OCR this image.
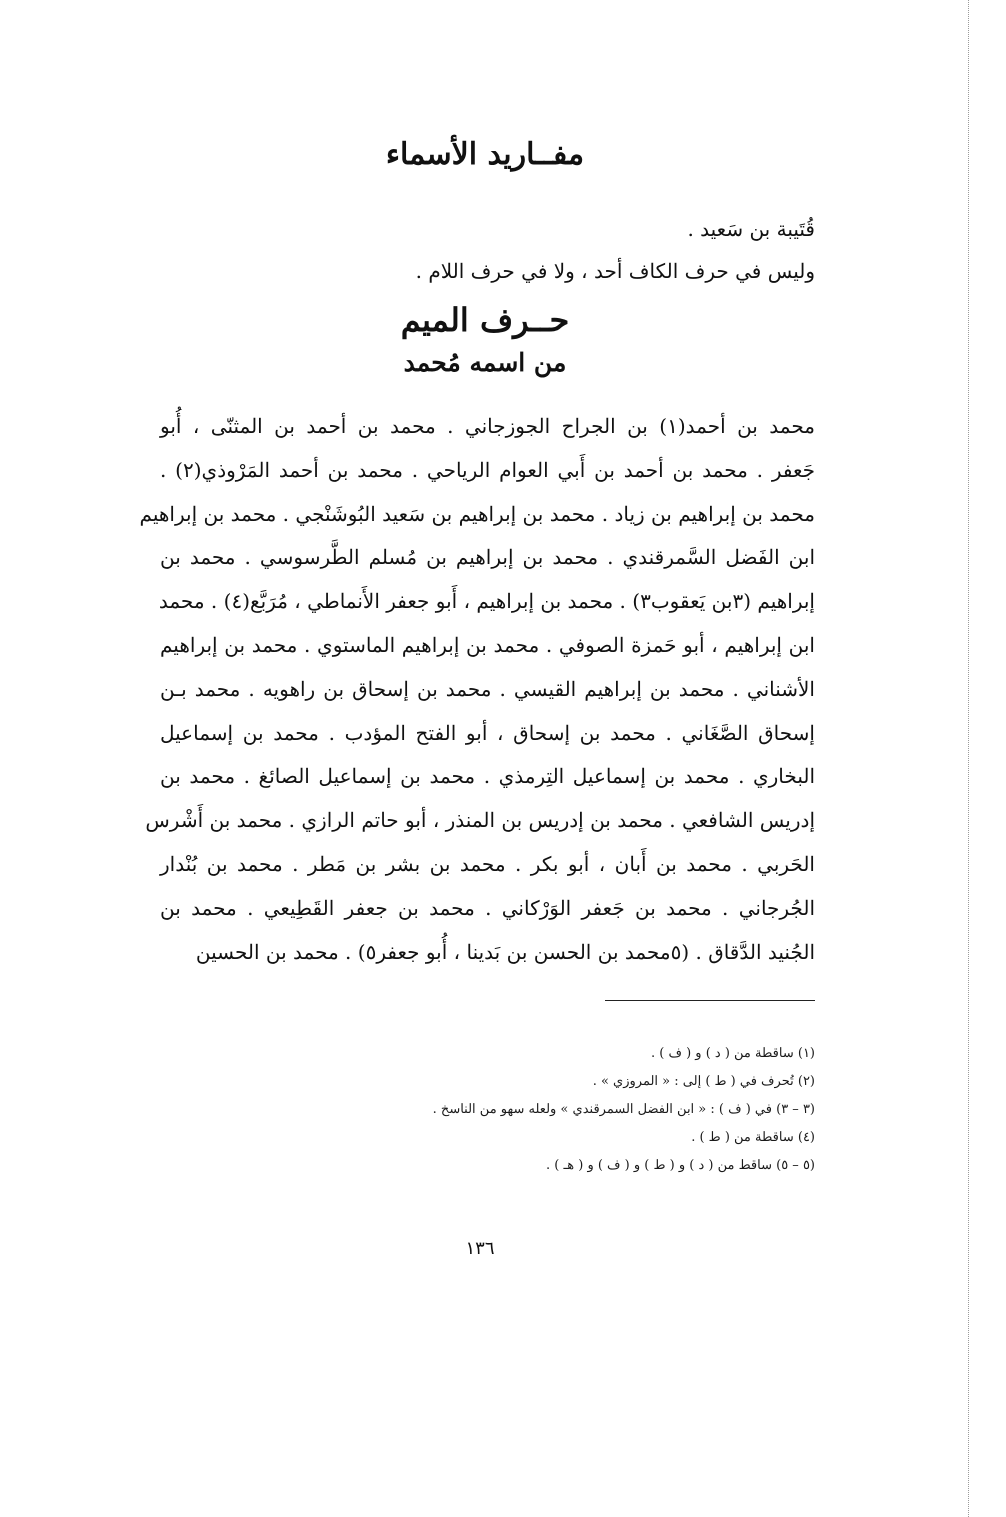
مفــاريد الأسماء

قُتَيبة بن سَعيد .

وليس في حرف الكاف أحد ، ولا في حرف اللام .

حــرف الميم
من اسمه مُحمد
محمد بن أحمد(١) بن الجراح الجوزجاني . محمد بن أحمد بن المثنّى ، أُبو
جَعفر . محمد بن أحمد بن أَبي العوام الرياحي . محمد بن أحمد المَرْوذي(٢) .
محمد بن إبراهيم بن زياد . محمد بن إبراهيم بن سَعيد البُوشَنْجي . محمد بن إبراهيم
ابن الفَضل السَّمرقندي . محمد بن إبراهيم بن مُسلم الطَّرسوسي . محمد بن
إبراهيم (٣بن يَعقوب٣) . محمد بن إبراهيم ، أَبو جعفر الأَنماطي ، مُرَبَّع(٤) . محمد
ابن إبراهيم ، أبو حَمزة الصوفي . محمد بن إبراهيم الماستوي . محمد بن إبراهيم
الأشناني . محمد بن إبراهيم القيسي . محمد بن إسحاق بن راهويه . محمد بـن
إسحاق الصَّغَاني . محمد بن إسحاق ، أبو الفتح المؤدب . محمد بن إسماعيل
البخاري . محمد بن إسماعيل التِرمذي . محمد بن إسماعيل الصائغ . محمد بن
إدريس الشافعي . محمد بن إدريس بن المنذر ، أبو حاتم الرازي . محمد بن أَشْرس
الحَربي . محمد بن أَبان ، أبو بكر . محمد بن بشر بن مَطر . محمد بن بُنْدار
الجُرجاني . محمد بن جَعفر الوَرْكاني . محمد بن جعفر القَطِيعي . محمد بن
الجُنيد الدَّقاق . (٥محمد بن الحسن بن بَدينا ، أُبو جعفر٥) . محمد بن الحسين
(١) ساقطة من ( د ) و ( ف ) .
(٢) تُحرف في ( ط ) إلى : « المروزي » .
(٣ – ٣) في ( ف ) : « ابن الفضل السمرقندي » ولعله سهو من الناسخ .
(٤) ساقطة من ( ط ) .
(٥ – ٥) ساقط من ( د ) و ( ط ) و ( ف ) و ( هـ ) .
١٣٦
